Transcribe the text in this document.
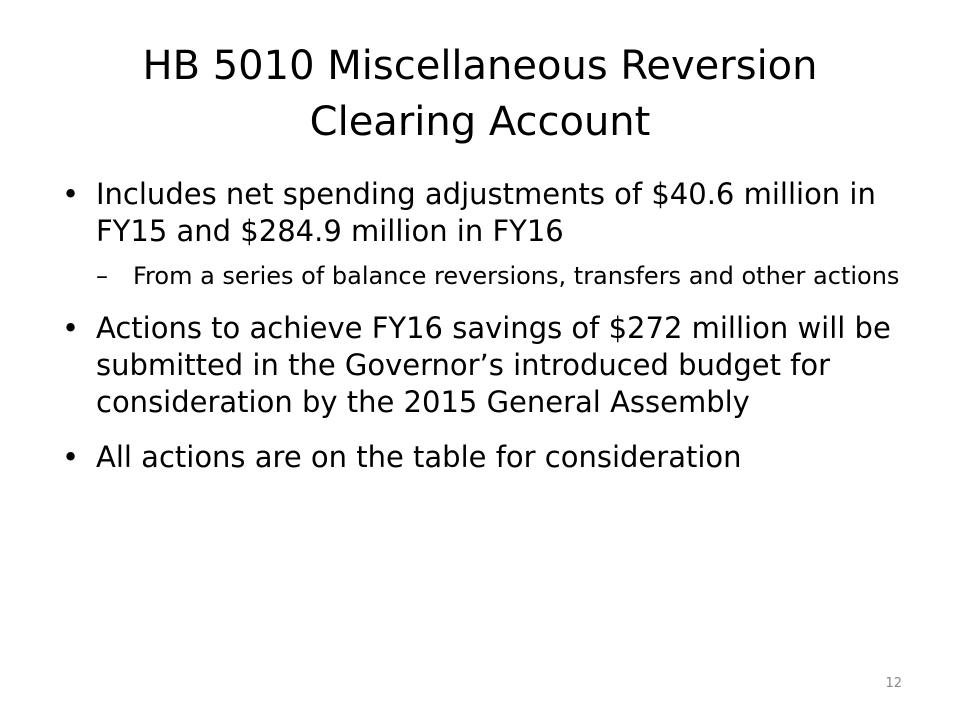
HB 5010 Miscellaneous Reversion Clearing Account
• Includes net spending adjustments of $40.6 million in FY15 and $284.9 million in FY16
– From a series of balance reversions, transfers and other actions
• Actions to achieve FY16 savings of $272 million will be submitted in the Governor’s introduced budget for consideration by the 2015 General Assembly
• All actions are on the table for consideration
12
